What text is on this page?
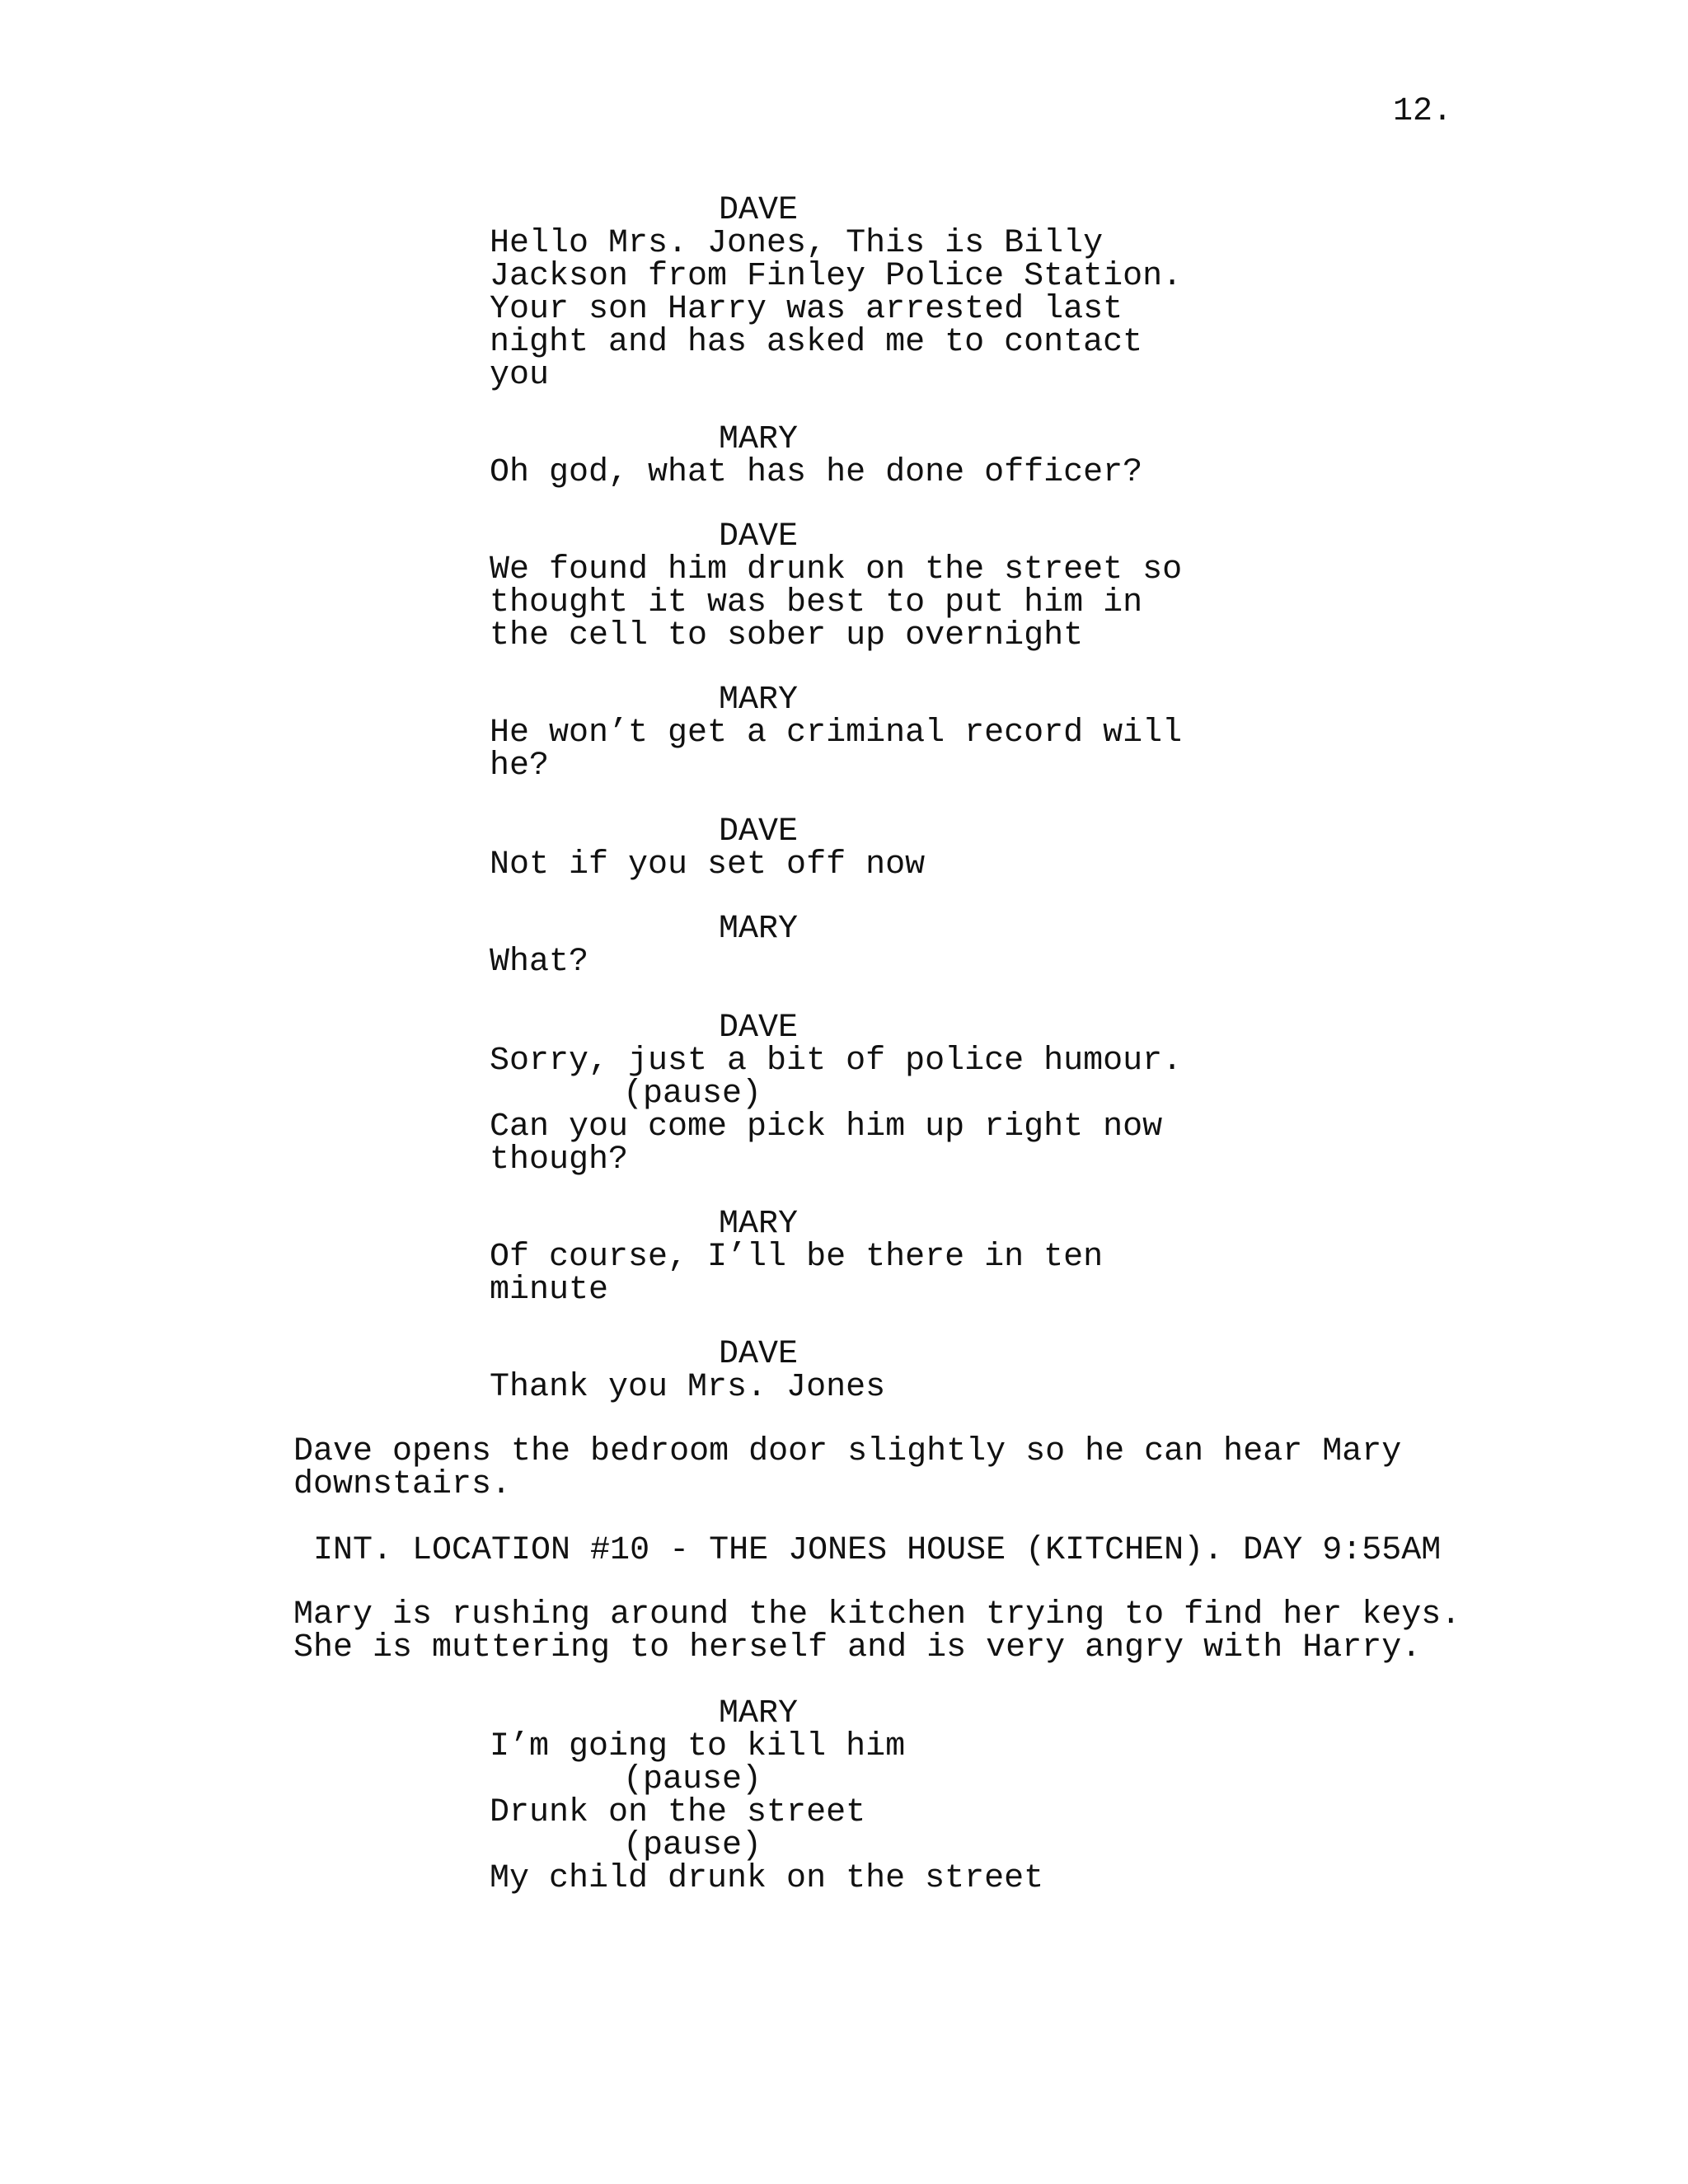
12.
DAVE
Hello Mrs. Jones, This is Billy
Jackson from Finley Police Station.
Your son Harry was arrested last
night and has asked me to contact
you
MARY
Oh god, what has he done officer?
DAVE
We found him drunk on the street so
thought it was best to put him in
the cell to sober up overnight
MARY
He won’t get a criminal record will
he?
DAVE
Not if you set off now
MARY
What?
DAVE
Sorry, just a bit of police humour.
(pause)
Can you come pick him up right now
though?
MARY
Of course, I’ll be there in ten
minute
DAVE
Thank you Mrs. Jones
Dave opens the bedroom door slightly so he can hear Mary
downstairs.
INT. LOCATION #10 - THE JONES HOUSE (KITCHEN). DAY 9:55AM
Mary is rushing around the kitchen trying to find her keys.
She is muttering to herself and is very angry with Harry.
MARY
I’m going to kill him
(pause)
Drunk on the street
(pause)
My child drunk on the street
